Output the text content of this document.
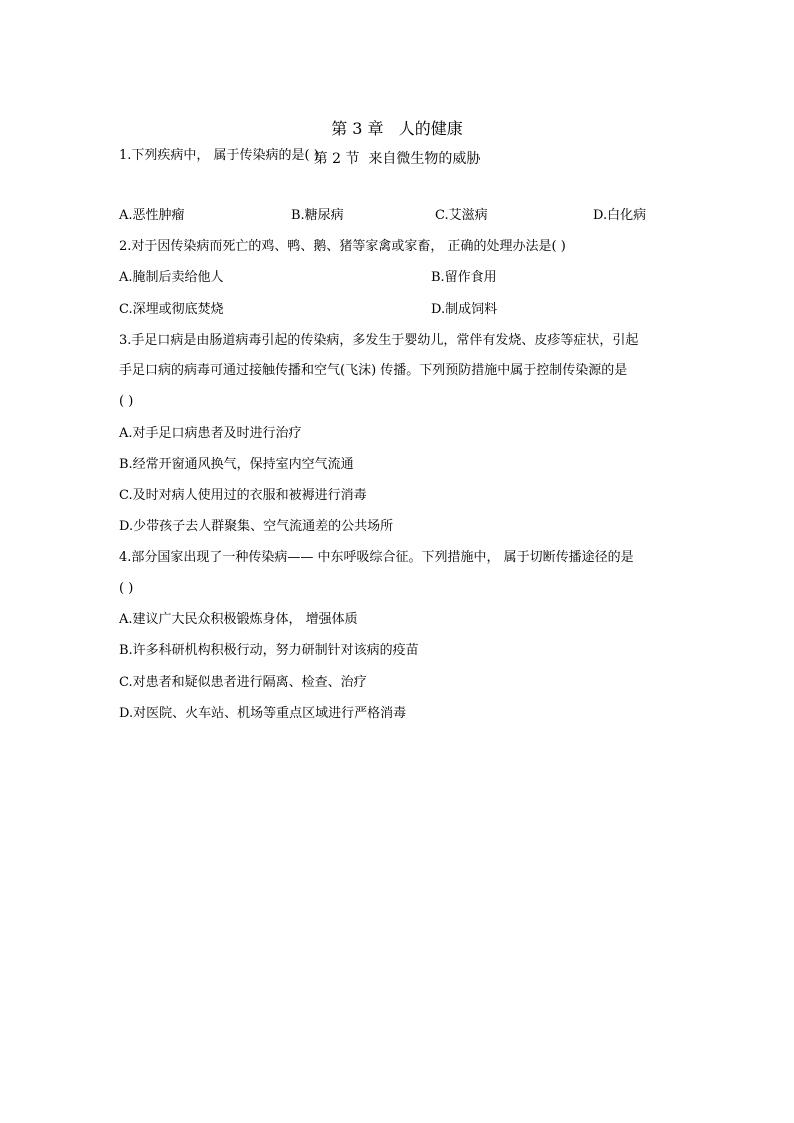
第 3 章   人的健康
第 2 节  来自微生物的威胁
1.下列疾病中， 属于传染病的是( )
A.恶性肿瘤	B.糖尿病	C.艾滋病	D.白化病
2.对于因传染病而死亡的鸡、鸭、鹅、猪等家禽或家畜， 正确的处理办法是( )
A.腌制后卖给他人	B.留作食用
C.深埋或彻底焚烧	D.制成饲料
3.手足口病是由肠道病毒引起的传染病，多发生于婴幼儿，常伴有发烧、皮疹等症状，引起
手足口病的病毒可通过接触传播和空气(飞沫) 传播。下列预防措施中属于控制传染源的是
( )
A.对手足口病患者及时进行治疗
B.经常开窗通风换气，保持室内空气流通
C.及时对病人使用过的衣服和被褥进行消毒
D.少带孩子去人群聚集、空气流通差的公共场所
4.部分国家出现了一种传染病—— 中东呼吸综合征。下列措施中， 属于切断传播途径的是
( )
A.建议广大民众积极锻炼身体， 增强体质
B.许多科研机构积极行动，努力研制针对该病的疫苗
C.对患者和疑似患者进行隔离、检查、治疗
D.对医院、火车站、机场等重点区域进行严格消毒
